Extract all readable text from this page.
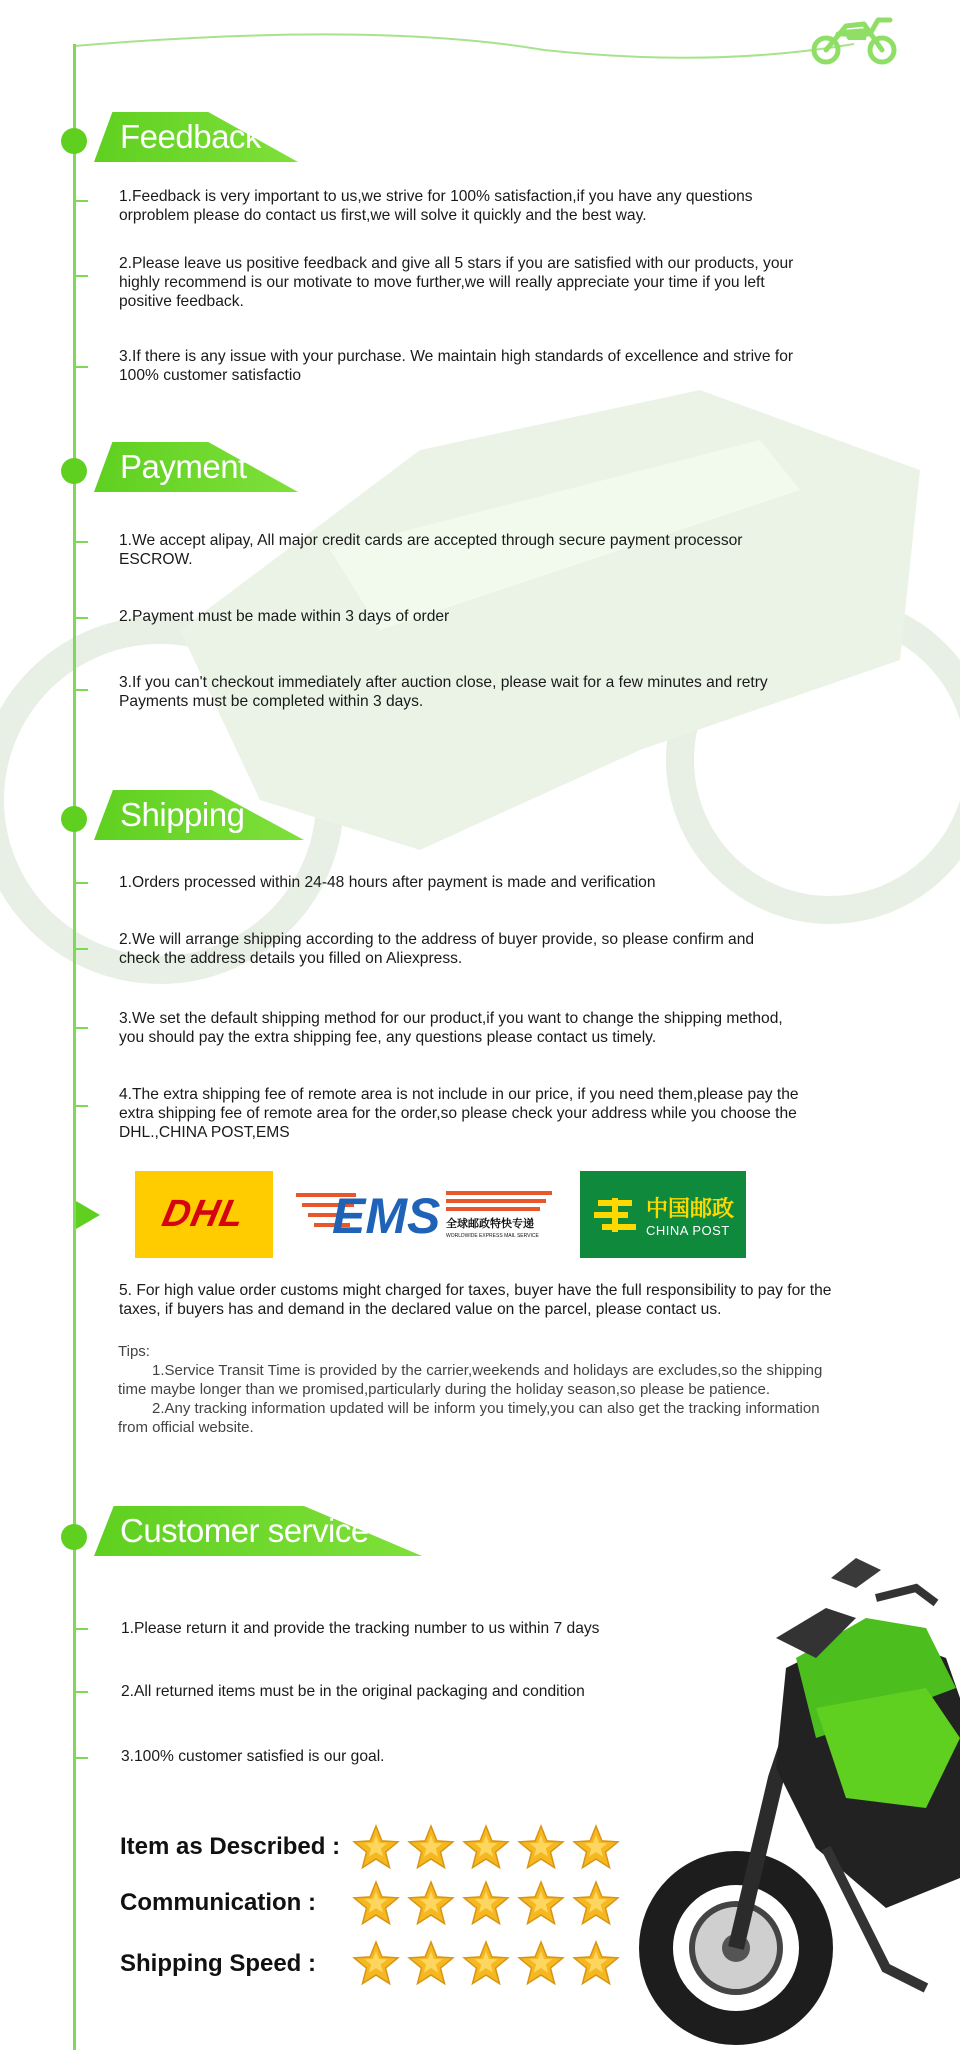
Feedback
1.Feedback is very important to us,we strive for 100% satisfaction,if you have any questions orproblem please do contact us first,we will solve it quickly and the best way.
2.Please leave us positive feedback and give all 5 stars if you are satisfied with our products, your highly recommend is our motivate to move further,we will really appreciate your time if you left positive feedback.
3.If there is any issue with your purchase. We maintain high standards of excellence and strive for 100% customer satisfactio
Payment
1.We accept alipay, All major credit cards are accepted through secure payment processor ESCROW.
2.Payment must be made within 3 days of order
3.If you can't checkout immediately after auction close, please wait for a few minutes and retry Payments must be completed within 3 days.
Shipping
1.Orders processed within 24-48 hours after payment is made and verification
2.We will arrange shipping according to the address of buyer provide, so please confirm and check the address details you filled on Aliexpress.
3.We set the default shipping method for our product,if you want to change the shipping method, you should pay the extra shipping fee, any questions please contact us timely.
4.The extra shipping fee of remote area is not include in our price, if you need them,please pay the extra shipping fee of remote area for the order,so please check your address while you choose the DHL.,CHINA POST,EMS
DHL EMS 全球邮政特快专递
WORLDWIDE EXPRESS MAIL SERVICE
中国邮政
CHINA POST
5. For high value order customs might charged for taxes, buyer have the full responsibility to pay for the taxes, if buyers has and demand in the declared value on the parcel, please contact us.
Tips:
1.Service Transit Time is provided by the carrier,weekends and holidays are excludes,so the shipping time maybe longer than we promised,particularly during the holiday season,so please be patience.
2.Any tracking information updated will be inform you timely,you can also get the tracking information from official website.
Customer service
1.Please return it and provide the tracking number to us within 7 days
2.All returned items must be in the original packaging and condition
3.100% customer satisfied is our goal.
Item as Described :
Communication :
Shipping Speed :
